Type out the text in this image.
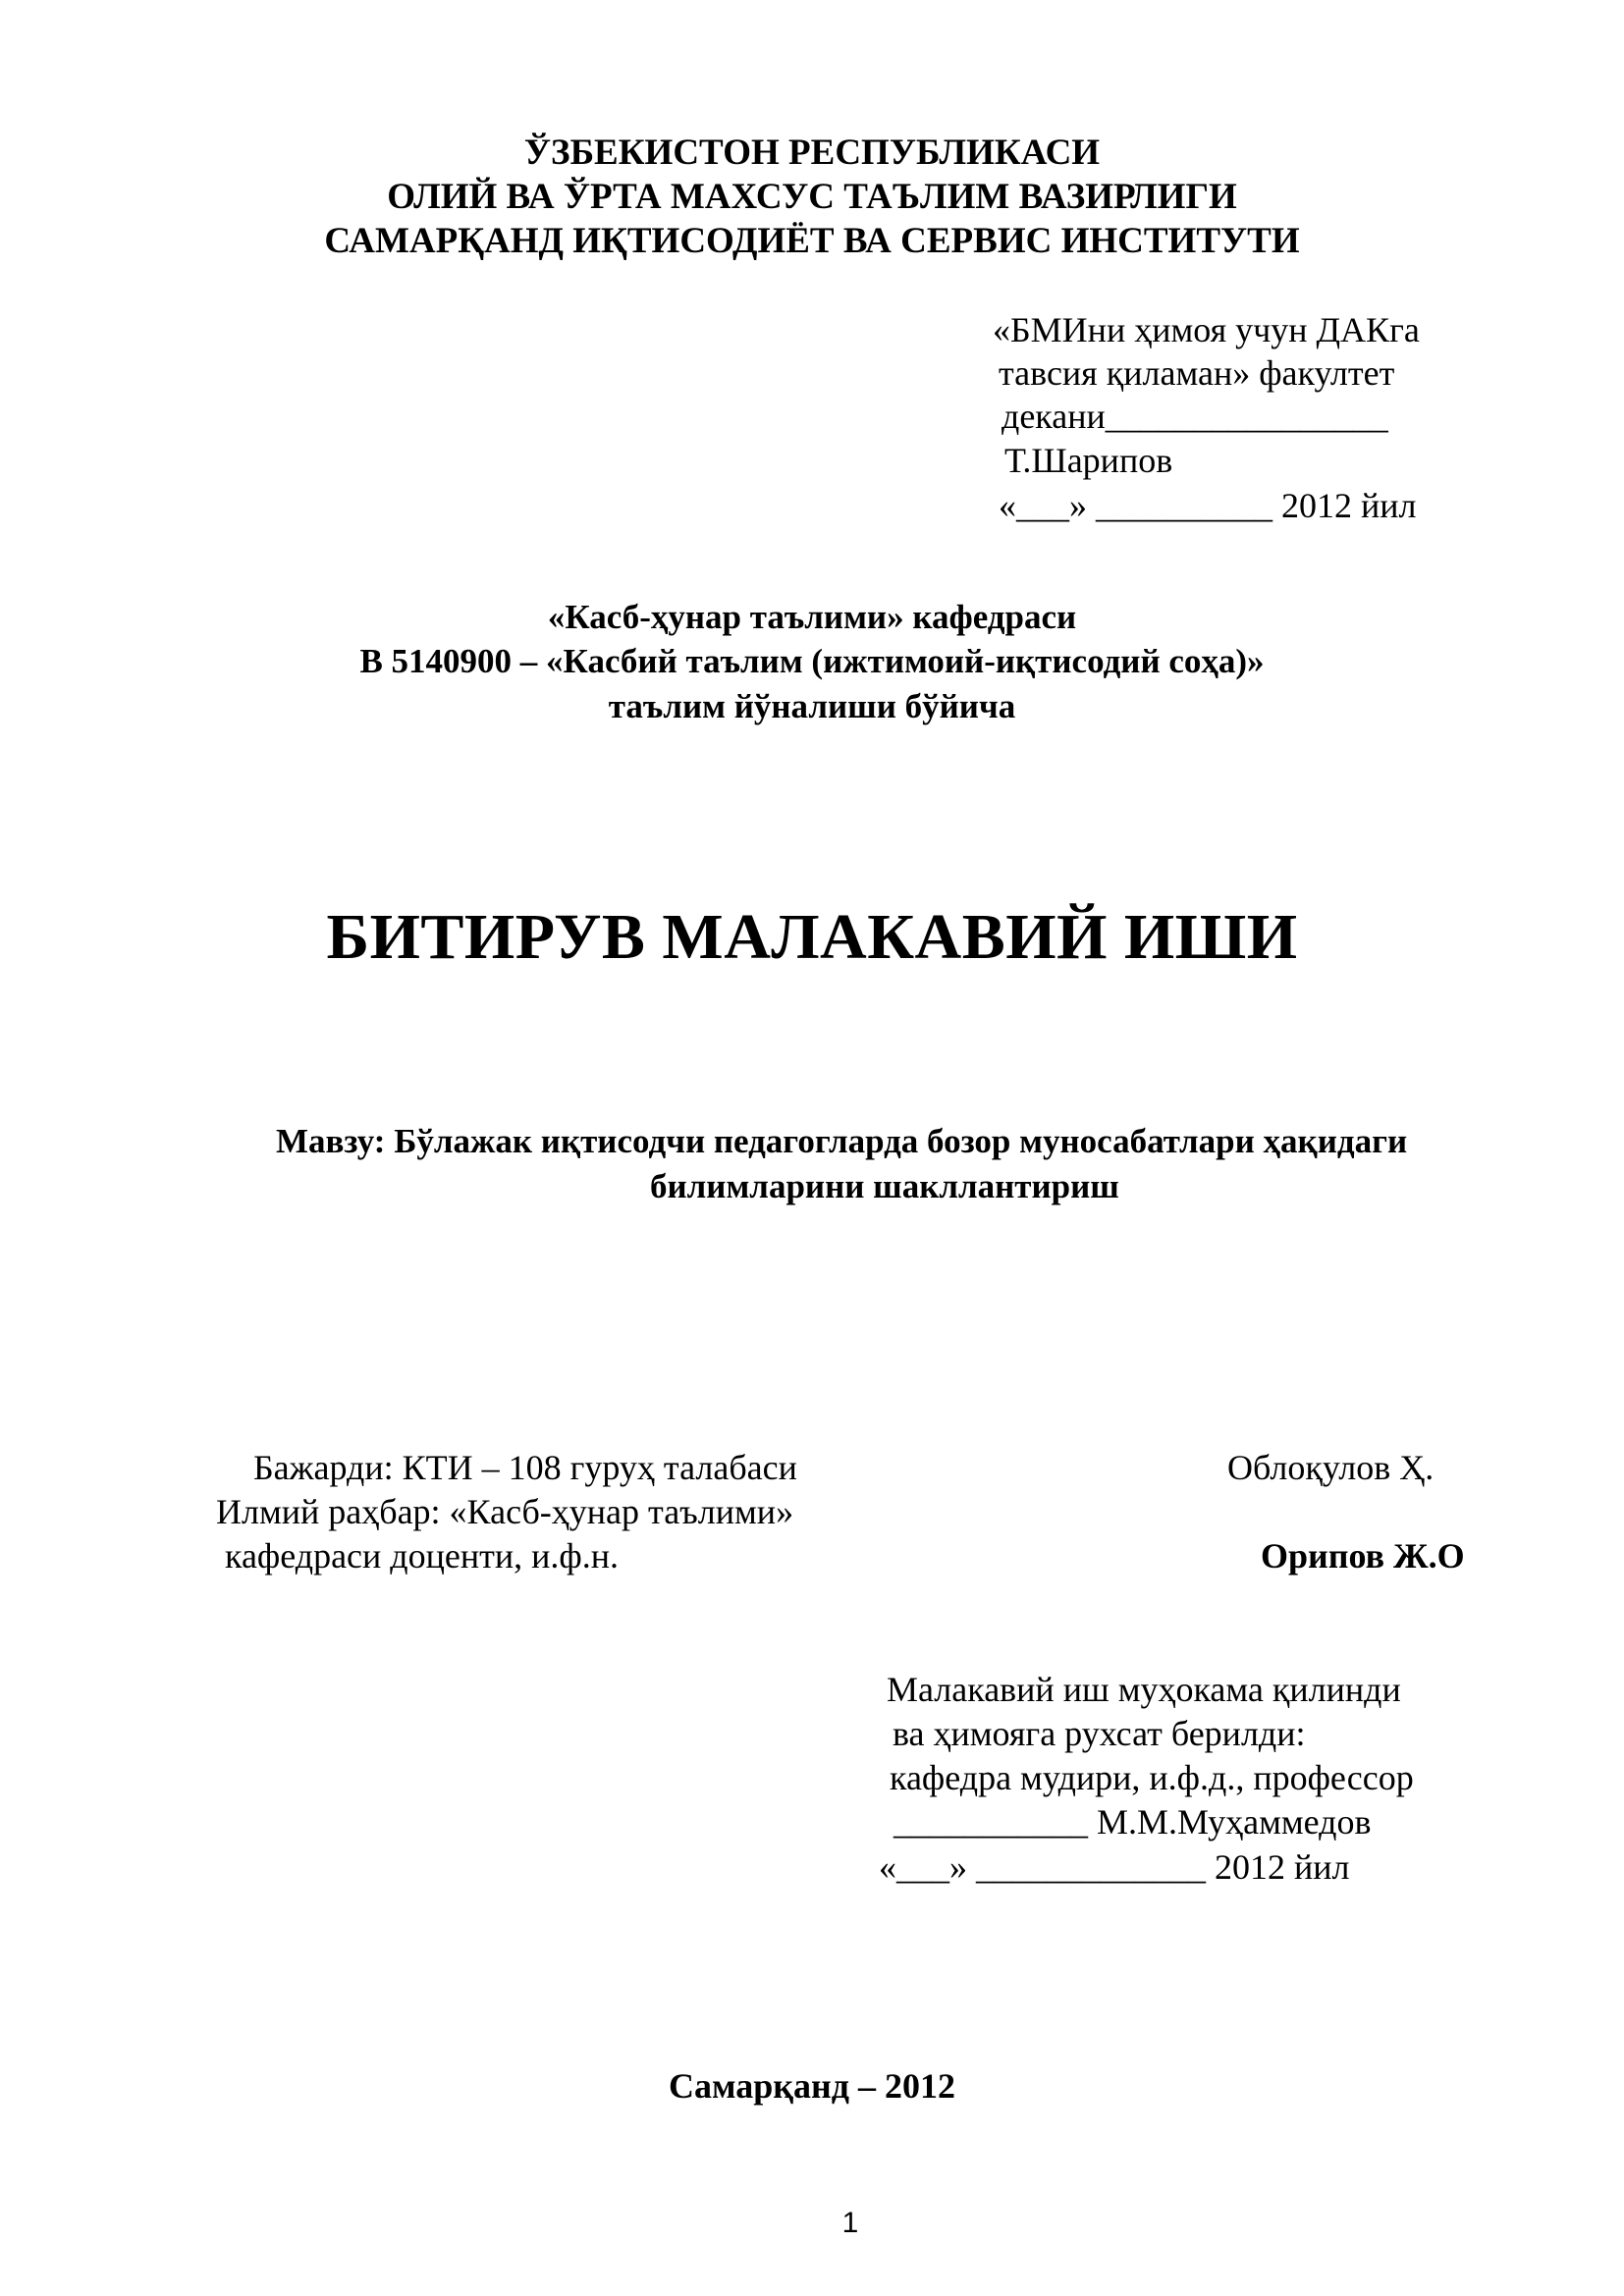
ЎЗБЕКИСТОН РЕСПУБЛИКАСИ
ОЛИЙ ВА ЎРТА МАХСУС ТАЪЛИМ ВАЗИРЛИГИ
САМАРҚАНД ИҚТИСОДИЁТ ВА СЕРВИС ИНСТИТУТИ
«БМИни ҳимоя учун ДАКга
тавсия қиламан» факултет
декани________________
Т.Шарипов
«___» __________ 2012 йил
«Касб-ҳунар таълими» кафедраси
В 5140900 – «Касбий таълим (ижтимоий-иқтисодий соҳа)»
таълим йўналиши бўйича
БИТИРУВ МАЛАКАВИЙ ИШИ
Мавзу: Бўлажак иқтисодчи педагогларда бозор муносабатлари ҳақидаги
билимларини шакллантириш
Бажарди: КТИ – 108 гуруҳ талабаси	Облоқулов Ҳ.
Илмий раҳбар: «Касб-ҳунар таълими»
кафедраси доценти, и.ф.н.	Орипов Ж.О
Малакавий иш муҳокама қилинди
ва ҳимояга рухсат берилди:
кафедра мудири, и.ф.д., профессор
___________ М.М.Муҳаммедов
«___» _____________ 2012 йил
Самарқанд – 2012
1
